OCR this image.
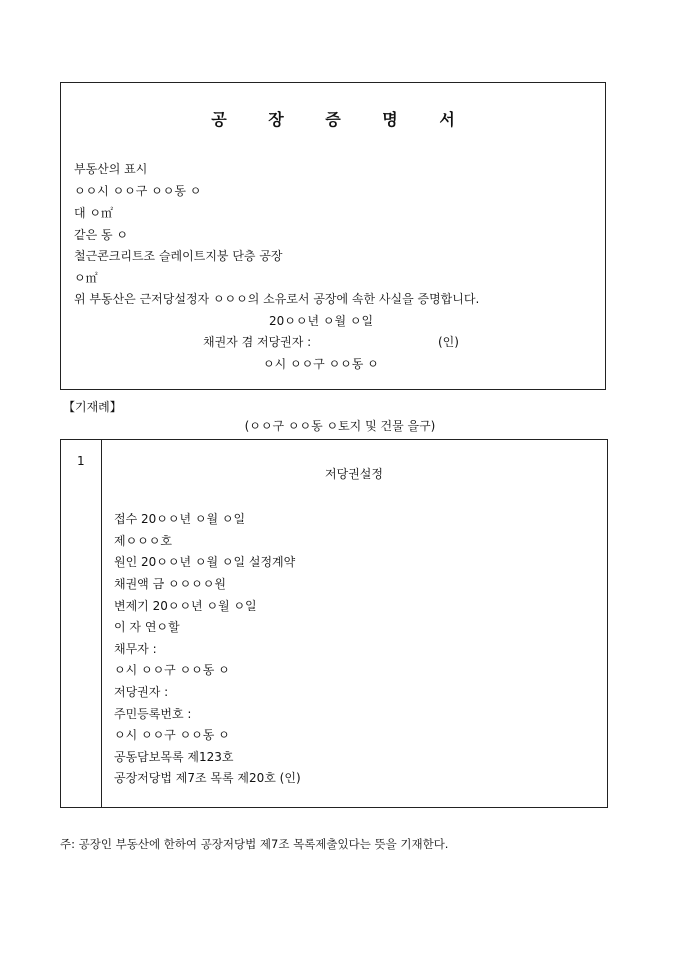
공 장 증 명 서
부동산의 표시
ㅇㅇ시 ㅇㅇ구 ㅇㅇ동 ㅇ
대 ㅇ㎡
같은 동 ㅇ
철근콘크리트조 슬레이트지붕 단층 공장
ㅇ㎡
위 부동산은 근저당설정자 ㅇㅇㅇ의 소유로서 공장에 속한 사실을 증명합니다.
20ㅇㅇ년 ㅇ월 ㅇ일
채권자 겸 저당권자 :	(인)
ㅇ시 ㅇㅇ구 ㅇㅇ동 ㅇ
【기재례】
(ㅇㅇ구 ㅇㅇ동 ㅇ토지 및 건물 을구)
1
저당권설정
접수 20ㅇㅇ년 ㅇ월 ㅇ일
제ㅇㅇㅇ호
원인 20ㅇㅇ년 ㅇ월 ㅇ일 설정계약
채권액 금 ㅇㅇㅇㅇ원
변제기 20ㅇㅇ년 ㅇ월 ㅇ일
이 자 연ㅇ할
채무자 :
ㅇ시 ㅇㅇ구 ㅇㅇ동 ㅇ
저당권자 :
주민등록번호 :
ㅇ시 ㅇㅇ구 ㅇㅇ동 ㅇ
공동담보목록 제123호
공장저당법 제7조 목록 제20호 (인)
주: 공장인 부동산에 한하여 공장저당법 제7조 목록제출있다는 뜻을 기재한다.
